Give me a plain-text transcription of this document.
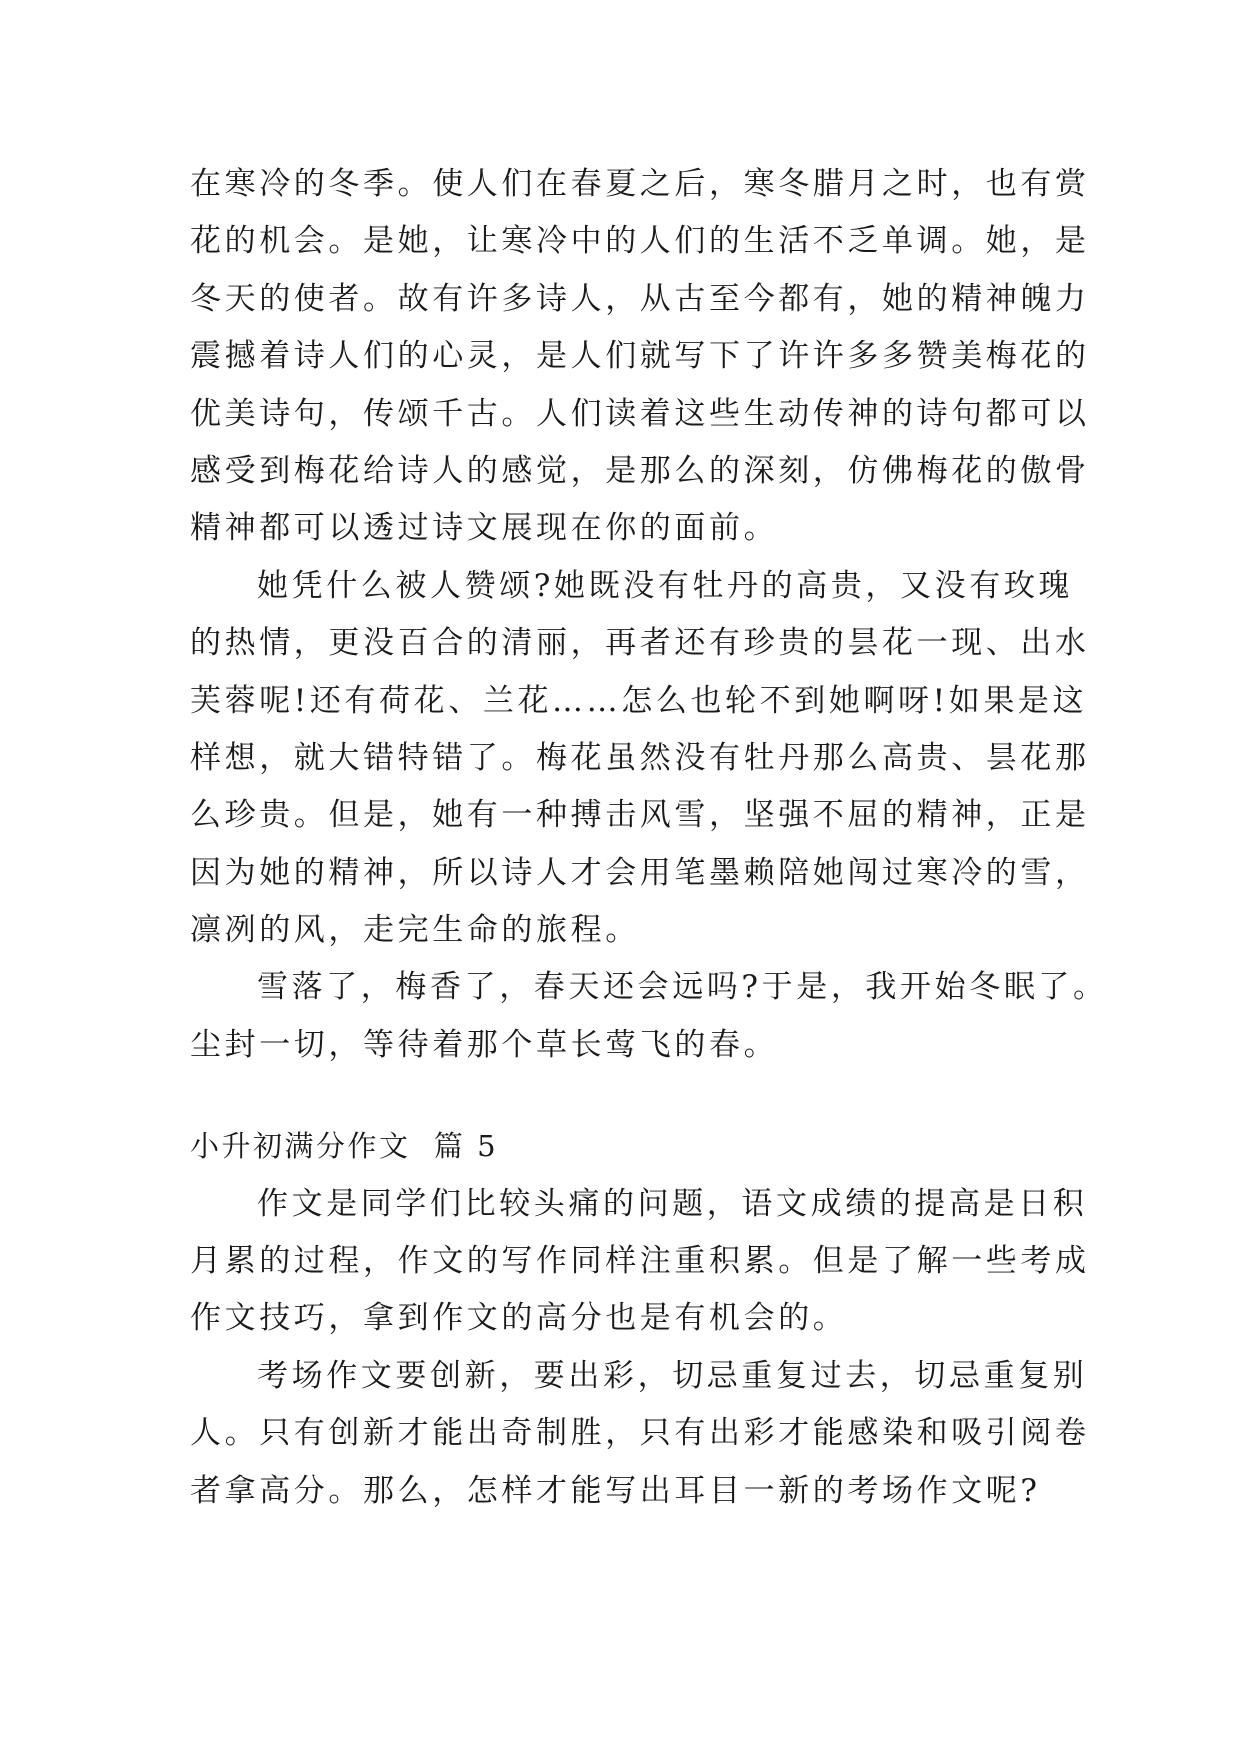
在寒冷的冬季。使人们在春夏之后，寒冬腊月之时，也有赏
花的机会。是她，让寒冷中的人们的生活不乏单调。她，是
冬天的使者。故有许多诗人，从古至今都有，她的精神魄力
震撼着诗人们的心灵，是人们就写下了许许多多赞美梅花的
优美诗句，传颂千古。人们读着这些生动传神的诗句都可以
感受到梅花给诗人的感觉，是那么的深刻，仿佛梅花的傲骨
精神都可以透过诗文展现在你的面前。
她凭什么被人赞颂?她既没有牡丹的高贵，又没有玫瑰
的热情，更没百合的清丽，再者还有珍贵的昙花一现、出水
芙蓉呢!还有荷花、兰花……怎么也轮不到她啊呀!如果是这
样想，就大错特错了。梅花虽然没有牡丹那么高贵、昙花那
么珍贵。但是，她有一种搏击风雪，坚强不屈的精神，正是
因为她的精神，所以诗人才会用笔墨赖陪她闯过寒冷的雪，
凛冽的风，走完生命的旅程。
雪落了，梅香了，春天还会远吗?于是，我开始冬眠了。
尘封一切，等待着那个草长莺飞的春。
小升初满分作文  篇 5
作文是同学们比较头痛的问题，语文成绩的提高是日积
月累的过程，作文的写作同样注重积累。但是了解一些考成
作文技巧，拿到作文的高分也是有机会的。
考场作文要创新，要出彩，切忌重复过去，切忌重复别
人。只有创新才能出奇制胜，只有出彩才能感染和吸引阅卷
者拿高分。那么，怎样才能写出耳目一新的考场作文呢?
